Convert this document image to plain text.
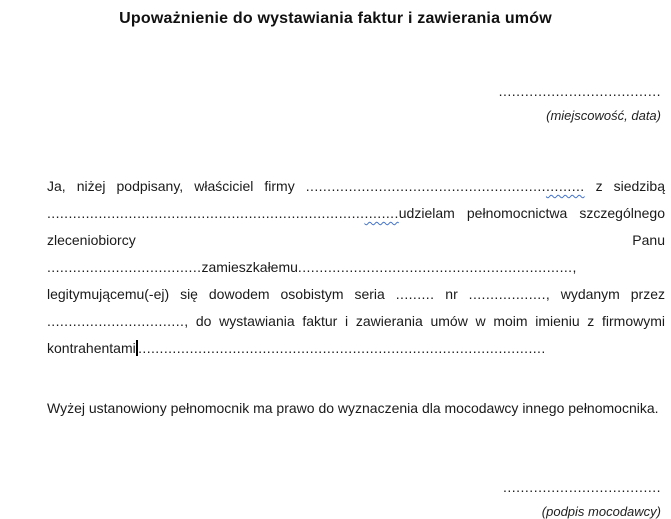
Upoważnienie do wystawiania faktur i zawierania umów
.....................................
(miejscowość, data)
Ja, niżej podpisany, właściciel firmy ................................................................. z siedzibą
..................................................................................udzielam pełnomocnictwa szczególnego
zleceniobiorcy Panu ....................................zamieszkałemu................................................................,
legitymującemu(-ej) się dowodem osobistym seria ......... nr .................., wydanym przez
................................, do wystawiania faktur i zawierania umów w moim imieniu z firmowymi
kontrahentami ...............................................................................................

Wyżej ustanowiony pełnomocnik ma prawo do wyznaczenia dla mocodawcy innego pełnomocnika.

....................................
(podpis mocodawcy)
